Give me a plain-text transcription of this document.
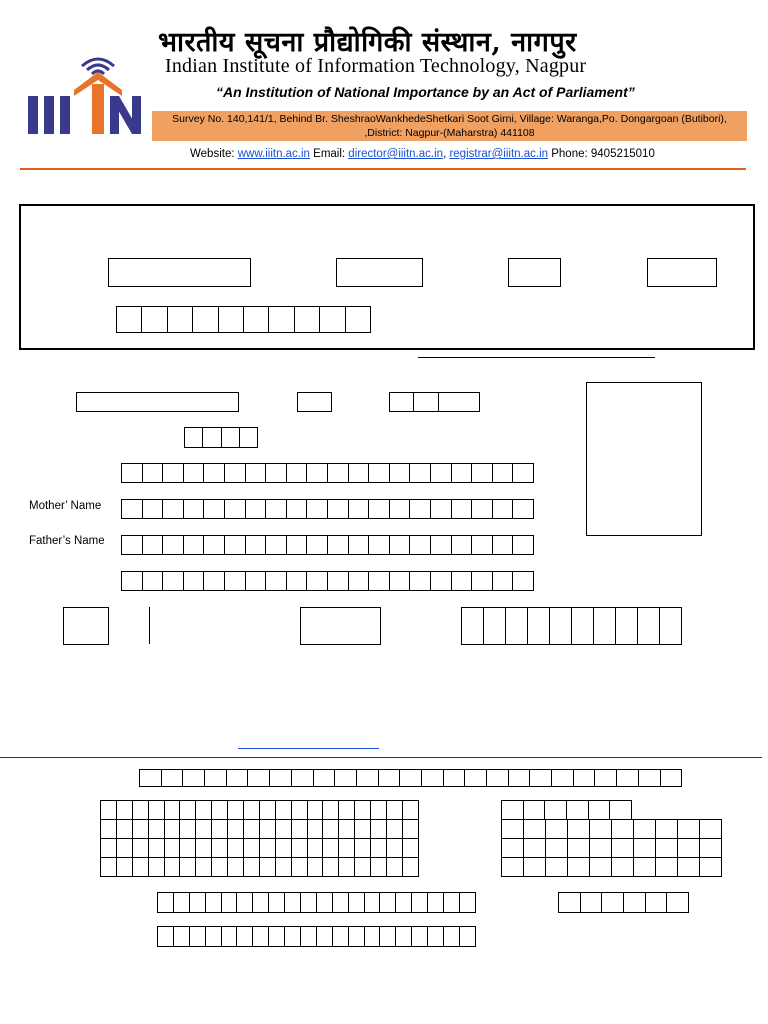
भारतीय सूचना प्रौद्योगिकी संस्थान, नागपुर
Indian Institute of Information Technology, Nagpur
“An Institution of National Importance by an Act of Parliament”
Survey No. 140,141/1, Behind Br. SheshraoWankhedeShetkari Soot Girni, Village: Waranga,Po. Dongargoan (Butibori), ,District: Nagpur-(Maharstra) 441108
Website: www.iiitn.ac.in Email: director@iiitn.ac.in, registrar@iiitn.ac.in Phone: 9405215010
Mother’ Name
Father’s Name
